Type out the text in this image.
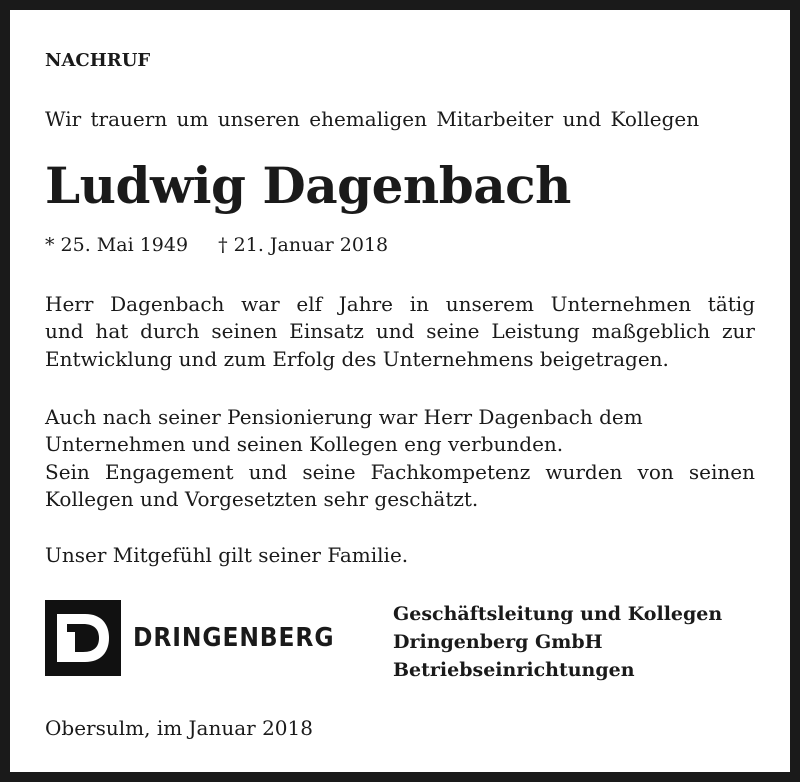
NACHRUF
Wir trauern um unseren ehemaligen Mitarbeiter und Kollegen
Ludwig Dagenbach
* 25. Mai 1949 † 21. Januar 2018
Herr Dagenbach war elf Jahre in unserem Unternehmen tätig
und hat durch seinen Einsatz und seine Leistung maßgeblich zur
Entwicklung und zum Erfolg des Unternehmens beigetragen.
Auch nach seiner Pensionierung war Herr Dagenbach dem
Unternehmen und seinen Kollegen eng verbunden.
Sein Engagement und seine Fachkompetenz wurden von seinen
Kollegen und Vorgesetzten sehr geschätzt.
Unser Mitgefühl gilt seiner Familie.
DRINGENBERG
Geschäftsleitung und Kollegen
Dringenberg GmbH
Betriebseinrichtungen
Obersulm, im Januar 2018
